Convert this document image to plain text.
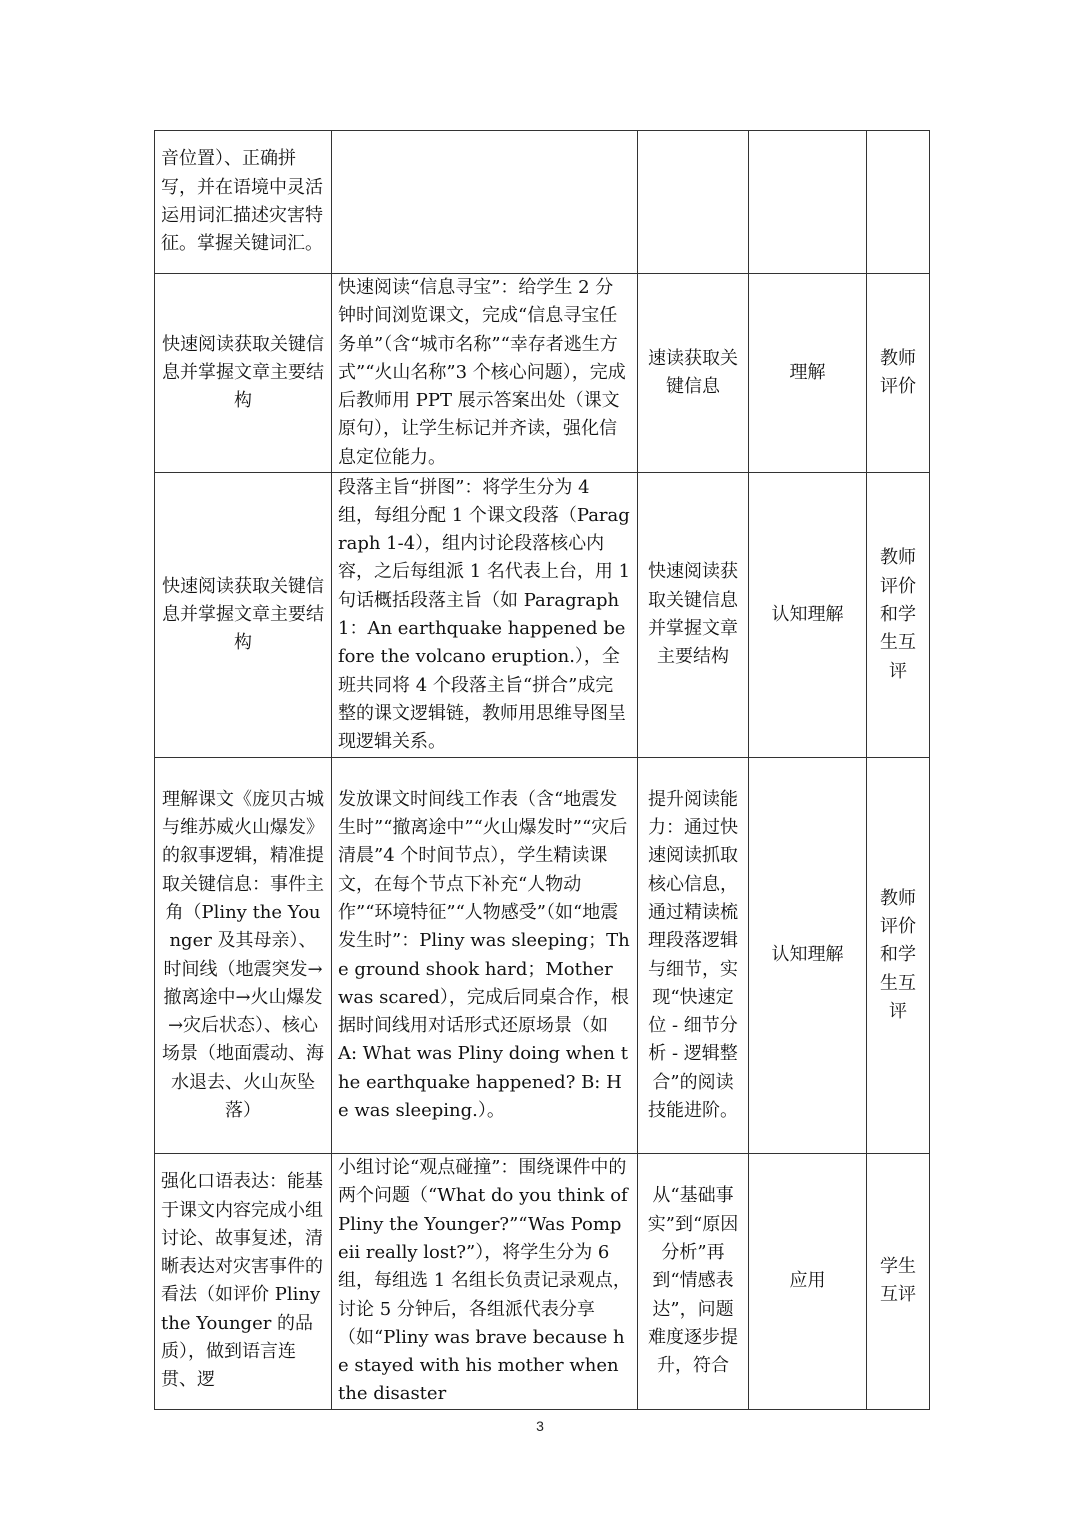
音位置）、正确拼写，并在语境中灵活运用词汇描述灾害特征。掌握关键词汇。				
快速阅读获取关键信息并掌握文章主要结构	快速阅读“信息寻宝”：给学生 2 分钟时间浏览课文，完成“信息寻宝任务单”（含“城市名称”“幸存者逃生方式”“火山名称”3 个核心问题），完成后教师用 PPT 展示答案出处（课文原句），让学生标记并齐读，强化信息定位能力。	速读获取关键信息	理解	教师评价
快速阅读获取关键信息并掌握文章主要结构	段落主旨“拼图”：将学生分为 4 组，每组分配 1 个课文段落（Paragraph 1-4），组内讨论段落核心内容，之后每组派 1 名代表上台，用 1 句话概括段落主旨（如 Paragraph 1：An earthquake happened before the volcano eruption.），全班共同将 4 个段落主旨“拼合”成完整的课文逻辑链，教师用思维导图呈现逻辑关系。	快速阅读获取关键信息并掌握文章主要结构	认知理解	教师评价和学生互评
理解课文《庞贝古城与维苏威火山爆发》的叙事逻辑，精准提取关键信息：事件主角（Pliny the Younger 及其母亲）、时间线（地震突发→撤离途中→火山爆发→灾后状态）、核心场景（地面震动、海水退去、火山灰坠落）	发放课文时间线工作表（含“地震发生时”“撤离途中”“火山爆发时”“灾后清晨”4 个时间节点），学生精读课文，在每个节点下补充“人物动作”“环境特征”“人物感受”（如“地震发生时”：Pliny was sleeping；The ground shook hard；Mother was scared），完成后同桌合作，根据时间线用对话形式还原场景（如 A: What was Pliny doing when the earthquake happened? B: He was sleeping.）。	提升阅读能力：通过快速阅读抓取核心信息，通过精读梳理段落逻辑与细节，实现“快速定位 - 细节分析 - 逻辑整合”的阅读技能进阶。	认知理解	教师评价和学生互评
强化口语表达：能基于课文内容完成小组讨论、故事复述，清晰表达对灾害事件的看法（如评价 Pliny the Younger 的品质），做到语言连贯、逻	小组讨论“观点碰撞”：围绕课件中的两个问题（“What do you think of Pliny the Younger?”“Was Pompeii really lost?”），将学生分为 6 组，每组选 1 名组长负责记录观点，讨论 5 分钟后，各组派代表分享（如“Pliny was brave because he stayed with his mother when the disaster	从“基础事实”到“原因分析”再到“情感表达”，问题难度逐步提升，符合	应用	学生互评
3
